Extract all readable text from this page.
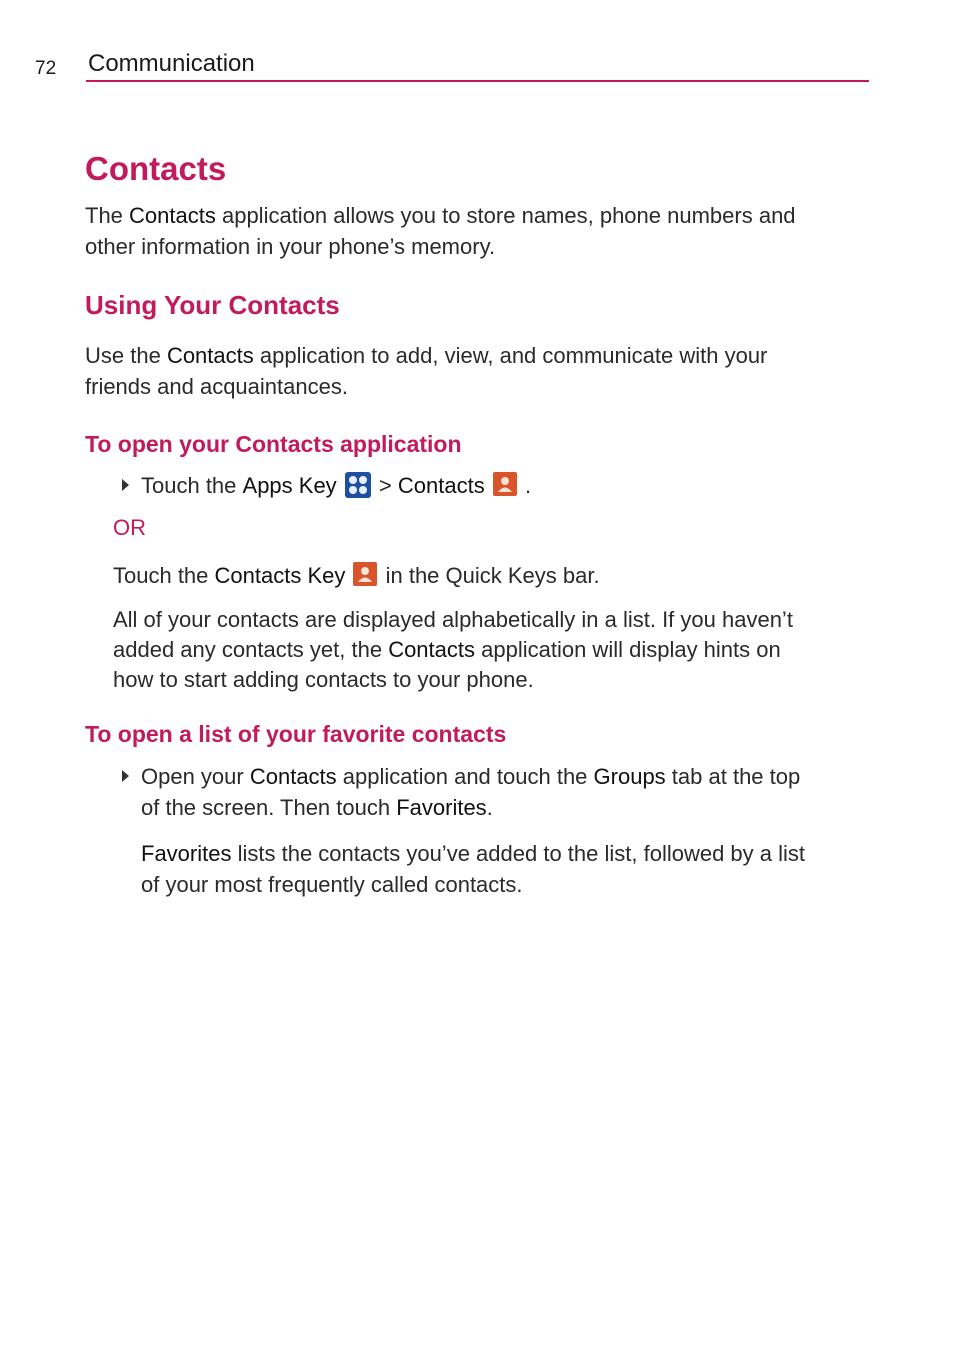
72 Communication
Contacts
The Contacts application allows you to store names, phone numbers and
other information in your phone’s memory.
Using Your Contacts
Use the Contacts application to add, view, and communicate with your
friends and acquaintances.
To open your Contacts application
Touch the Apps Key  > Contacts  .
OR
Touch the Contacts Key  in the Quick Keys bar.
All of your contacts are displayed alphabetically in a list. If you haven’t
added any contacts yet, the Contacts application will display hints on
how to start adding contacts to your phone.
To open a list of your favorite contacts
Open your Contacts application and touch the Groups tab at the top
of the screen. Then touch Favorites.
Favorites lists the contacts you’ve added to the list, followed by a list
of your most frequently called contacts.
